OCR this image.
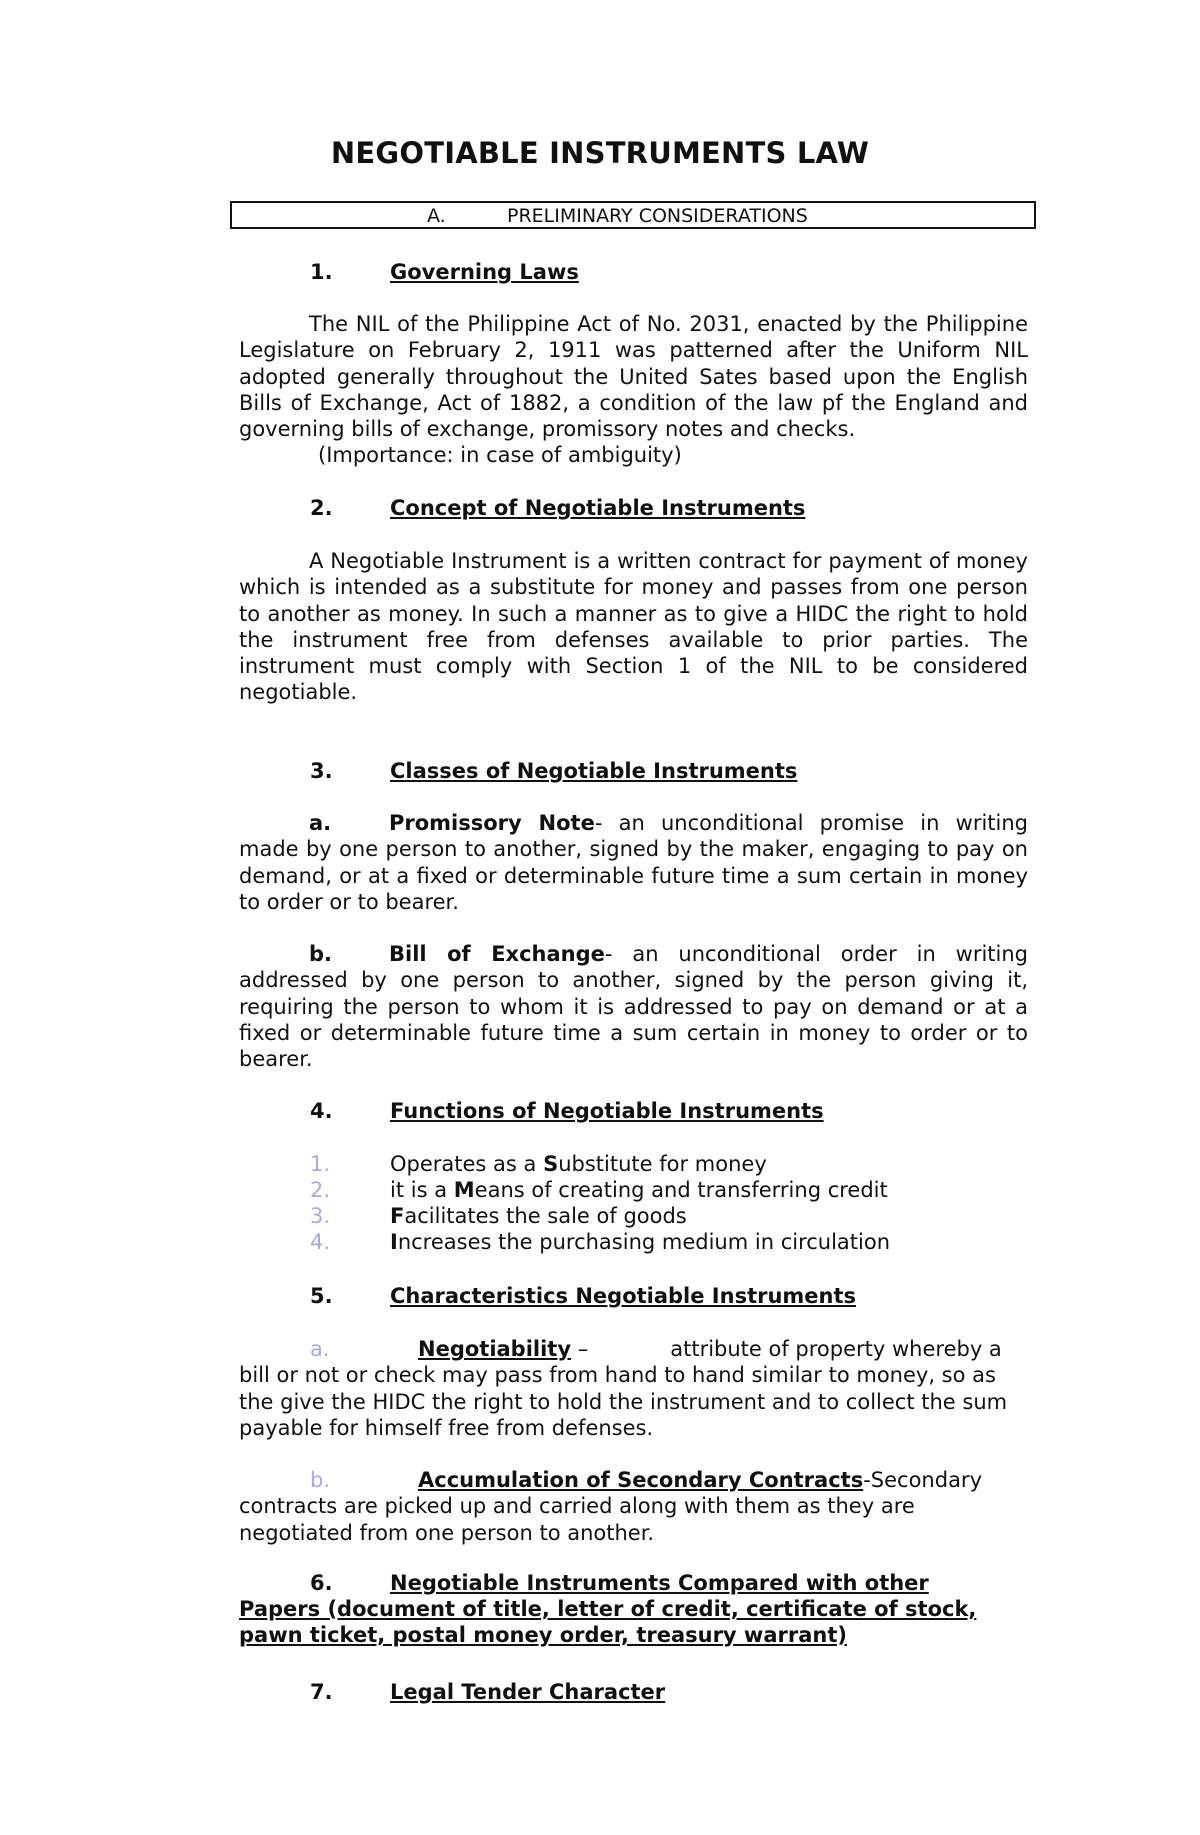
NEGOTIABLE INSTRUMENTS LAW
A.	PRELIMINARY CONSIDERATIONS
1.	Governing Laws
The NIL of the Philippine Act of No. 2031, enacted by the Philippine Legislature on February 2, 1911 was patterned after the Uniform NIL adopted generally throughout the United Sates based upon the English Bills of Exchange, Act of 1882, a condition of the law pf the England and governing bills of exchange, promissory notes and checks.
(Importance: in case of ambiguity)
2.	Concept of Negotiable Instruments
A Negotiable Instrument is a written contract for payment of money which is intended as a substitute for money and passes from one person to another as money. In such a manner as to give a HIDC the right to hold the instrument free from defenses available to prior parties. The instrument must comply with Section 1 of the NIL to be considered negotiable.
3.	Classes of Negotiable Instruments
a.	Promissory Note- an unconditional promise in writing made by one person to another, signed by the maker, engaging to pay on demand, or at a fixed or determinable future time a sum certain in money to order or to bearer.
b.	Bill of Exchange- an unconditional order in writing addressed by one person to another, signed by the person giving it, requiring the person to whom it is addressed to pay on demand or at a fixed or determinable future time a sum certain in money to order or to bearer.
4.	Functions of Negotiable Instruments
1.	Operates as a Substitute for money
2.	it is a Means of creating and transferring credit
3.	Facilitates the sale of goods
4.	Increases the purchasing medium in circulation
5.	Characteristics Negotiable Instruments
a.	Negotiability –	attribute of property whereby a bill or not or check may pass from hand to hand similar to money, so as the give the HIDC the right to hold the instrument and to collect the sum payable for himself free from defenses.
b.	Accumulation of Secondary Contracts-Secondary contracts are picked up and carried along with them as they are negotiated from one person to another.
6.	Negotiable Instruments Compared with other Papers (document of title, letter of credit, certificate of stock, pawn ticket, postal money order, treasury warrant)
7.	Legal Tender Character
